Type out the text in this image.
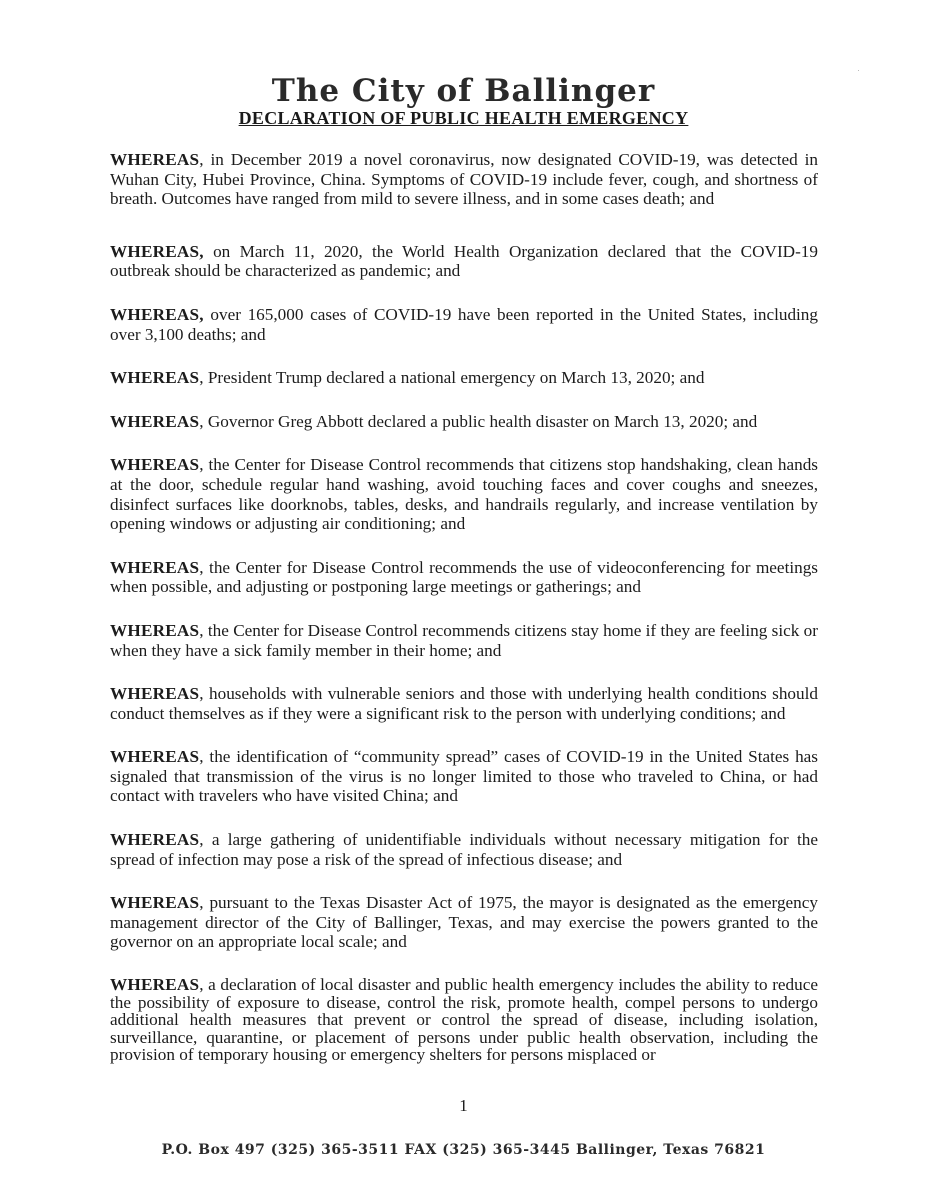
The City of Ballinger
DECLARATION OF PUBLIC HEALTH EMERGENCY

WHEREAS, in December 2019 a novel coronavirus, now designated COVID-19, was detected in Wuhan City, Hubei Province, China. Symptoms of COVID-19 include fever, cough, and shortness of breath. Outcomes have ranged from mild to severe illness, and in some cases death; and

WHEREAS, on March 11, 2020, the World Health Organization declared that the COVID-19 outbreak should be characterized as pandemic; and

WHEREAS, over 165,000 cases of COVID-19 have been reported in the United States, including over 3,100 deaths; and

WHEREAS, President Trump declared a national emergency on March 13, 2020; and

WHEREAS, Governor Greg Abbott declared a public health disaster on March 13, 2020; and

WHEREAS, the Center for Disease Control recommends that citizens stop handshaking, clean hands at the door, schedule regular hand washing, avoid touching faces and cover coughs and sneezes, disinfect surfaces like doorknobs, tables, desks, and handrails regularly, and increase ventilation by opening windows or adjusting air conditioning; and

WHEREAS, the Center for Disease Control recommends the use of videoconferencing for meetings when possible, and adjusting or postponing large meetings or gatherings; and

WHEREAS, the Center for Disease Control recommends citizens stay home if they are feeling sick or when they have a sick family member in their home; and

WHEREAS, households with vulnerable seniors and those with underlying health conditions should conduct themselves as if they were a significant risk to the person with underlying conditions; and

WHEREAS, the identification of “community spread” cases of COVID-19 in the United States has signaled that transmission of the virus is no longer limited to those who traveled to China, or had contact with travelers who have visited China; and

WHEREAS, a large gathering of unidentifiable individuals without necessary mitigation for the spread of infection may pose a risk of the spread of infectious disease; and

WHEREAS, pursuant to the Texas Disaster Act of 1975, the mayor is designated as the emergency management director of the City of Ballinger, Texas, and may exercise the powers granted to the governor on an appropriate local scale; and

WHEREAS, a declaration of local disaster and public health emergency includes the ability to reduce the possibility of exposure to disease, control the risk, promote health, compel persons to undergo additional health measures that prevent or control the spread of disease, including isolation, surveillance, quarantine, or placement of persons under public health observation, including the provision of temporary housing or emergency shelters for persons misplaced or

1
P.O. Box 497 (325) 365-3511 FAX (325) 365-3445 Ballinger, Texas 76821
